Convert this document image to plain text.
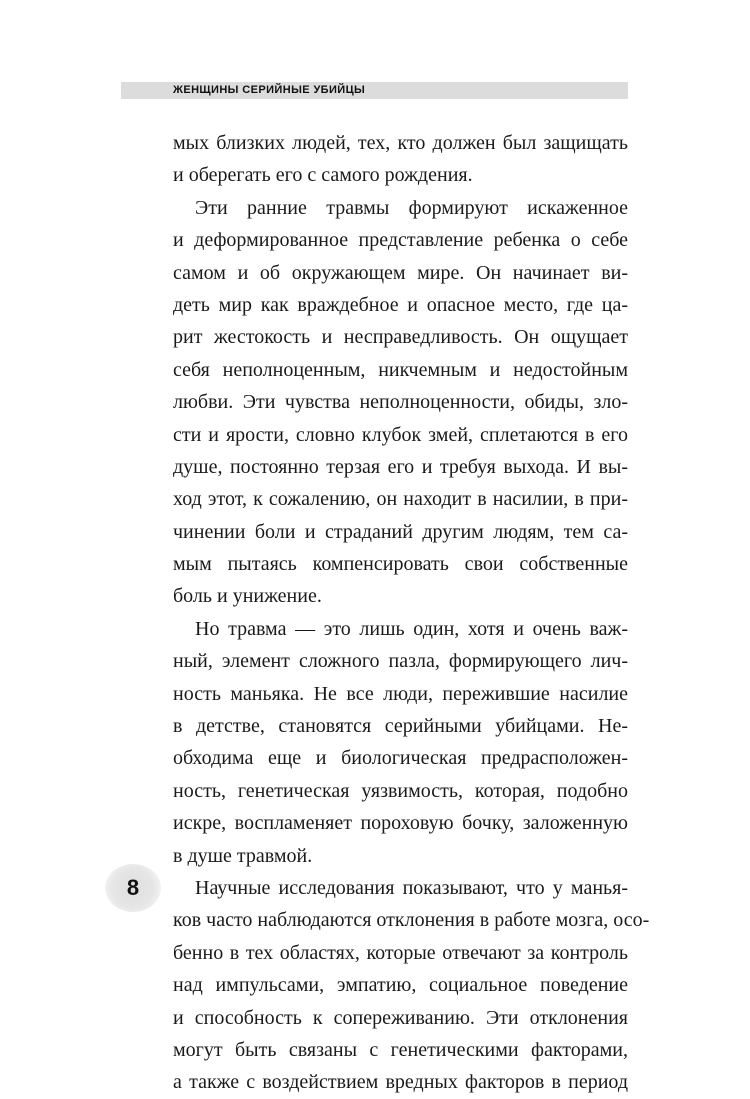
ЖЕНЩИНЫ СЕРИЙНЫЕ УБИЙЦЫ
мых близких людей, тех, кто должен был защищать
и оберегать его с самого рождения.
Эти ранние травмы формируют искаженное
и деформированное представление ребенка о себе
самом и об окружающем мире. Он начинает ви-
деть мир как враждебное и опасное место, где ца-
рит жестокость и несправедливость. Он ощущает
себя неполноценным, никчемным и недостойным
любви. Эти чувства неполноценности, обиды, зло-
сти и ярости, словно клубок змей, сплетаются в его
душе, постоянно терзая его и требуя выхода. И вы-
ход этот, к сожалению, он находит в насилии, в при-
чинении боли и страданий другим людям, тем са-
мым пытаясь компенсировать свои собственные
боль и унижение.
Но травма — это лишь один, хотя и очень важ-
ный, элемент сложного пазла, формирующего лич-
ность маньяка. Не все люди, пережившие насилие
в детстве, становятся серийными убийцами. Не-
обходима еще и биологическая предрасположен-
ность, генетическая уязвимость, которая, подобно
искре, воспламеняет пороховую бочку, заложенную
в душе травмой.
Научные исследования показывают, что у манья-
ков часто наблюдаются отклонения в работе мозга, осо-
бенно в тех областях, которые отвечают за контроль
над импульсами, эмпатию, социальное поведение
и способность к сопереживанию. Эти отклонения
могут быть связаны с генетическими факторами,
а также с воздействием вредных факторов в период
8
